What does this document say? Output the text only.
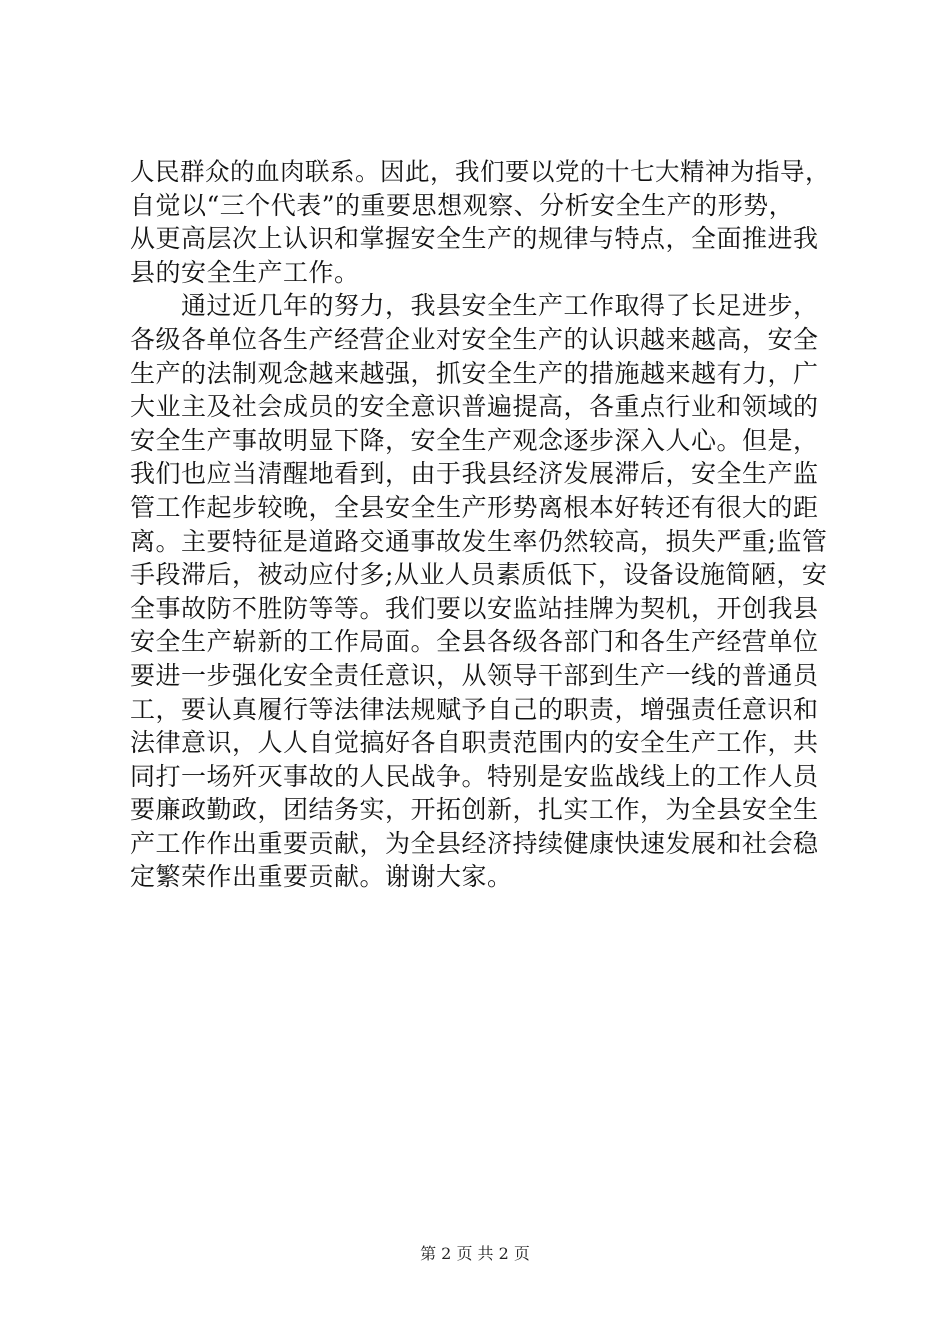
人民群众的血肉联系。因此，我们要以党的十七大精神为指导，
自觉以“三个代表”的重要思想观察、分析安全生产的形势，
从更高层次上认识和掌握安全生产的规律与特点，全面推进我
县的安全生产工作。
　　通过近几年的努力，我县安全生产工作取得了长足进步，
各级各单位各生产经营企业对安全生产的认识越来越高，安全
生产的法制观念越来越强，抓安全生产的措施越来越有力，广
大业主及社会成员的安全意识普遍提高，各重点行业和领域的
安全生产事故明显下降，安全生产观念逐步深入人心。但是，
我们也应当清醒地看到，由于我县经济发展滞后，安全生产监
管工作起步较晚，全县安全生产形势离根本好转还有很大的距
离。主要特征是道路交通事故发生率仍然较高，损失严重;监管
手段滞后，被动应付多;从业人员素质低下，设备设施简陋，安
全事故防不胜防等等。我们要以安监站挂牌为契机，开创我县
安全生产崭新的工作局面。全县各级各部门和各生产经营单位
要进一步强化安全责任意识，从领导干部到生产一线的普通员
工，要认真履行等法律法规赋予自己的职责，增强责任意识和
法律意识，人人自觉搞好各自职责范围内的安全生产工作，共
同打一场歼灭事故的人民战争。特别是安监战线上的工作人员
要廉政勤政，团结务实，开拓创新，扎实工作，为全县安全生
产工作作出重要贡献，为全县经济持续健康快速发展和社会稳
定繁荣作出重要贡献。谢谢大家。
第 2 页 共 2 页
